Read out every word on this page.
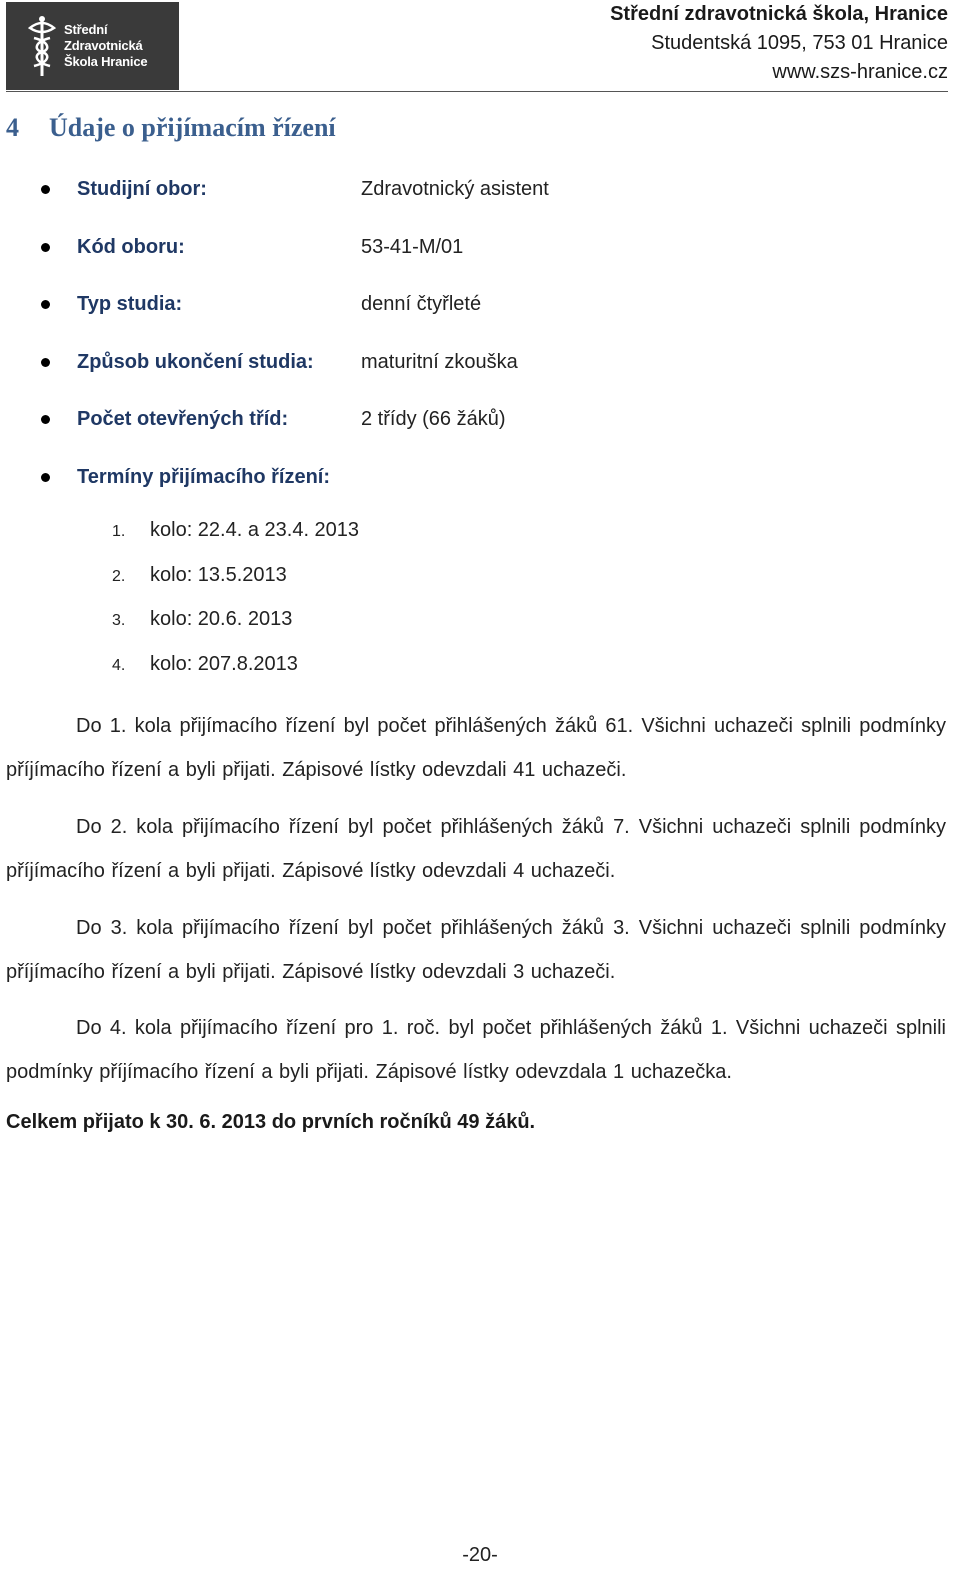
Střední
Zdravotnická
Škola Hranice
Střední zdravotnická škola, Hranice
Studentská 1095, 753 01 Hranice
www.szs-hranice.cz
4 Údaje o přijímacím řízení
Studijní obor:	Zdravotnický asistent
Kód oboru:	53-41-M/01
Typ studia:	denní čtyřleté
Způsob ukončení studia: maturitní zkouška
Počet otevřených tříd:	2 třídy (66 žáků)
Termíny přijímacího řízení:
1. kolo: 22.4. a 23.4. 2013
2. kolo: 13.5.2013
3. kolo: 20.6. 2013
4. kolo: 207.8.2013

Do 1. kola přijímacího řízení byl počet přihlášených žáků 61. Všichni uchazeči splnili podmínky příjímacího řízení a byli přijati. Zápisové lístky odevzdali 41 uchazeči.

Do 2. kola přijímacího řízení byl počet přihlášených žáků 7. Všichni uchazeči splnili podmínky příjímacího řízení a byli přijati. Zápisové lístky odevzdali 4 uchazeči.

Do 3. kola přijímacího řízení byl počet přihlášených žáků 3. Všichni uchazeči splnili podmínky příjímacího řízení a byli přijati. Zápisové lístky odevzdali 3 uchazeči.

Do 4. kola přijímacího řízení pro 1. roč. byl počet přihlášených žáků 1. Všichni uchazeči splnili podmínky příjímacího řízení a byli přijati. Zápisové lístky odevzdala 1 uchazečka.

Celkem přijato k 30. 6. 2013 do prvních ročníků 49 žáků.

-20-
